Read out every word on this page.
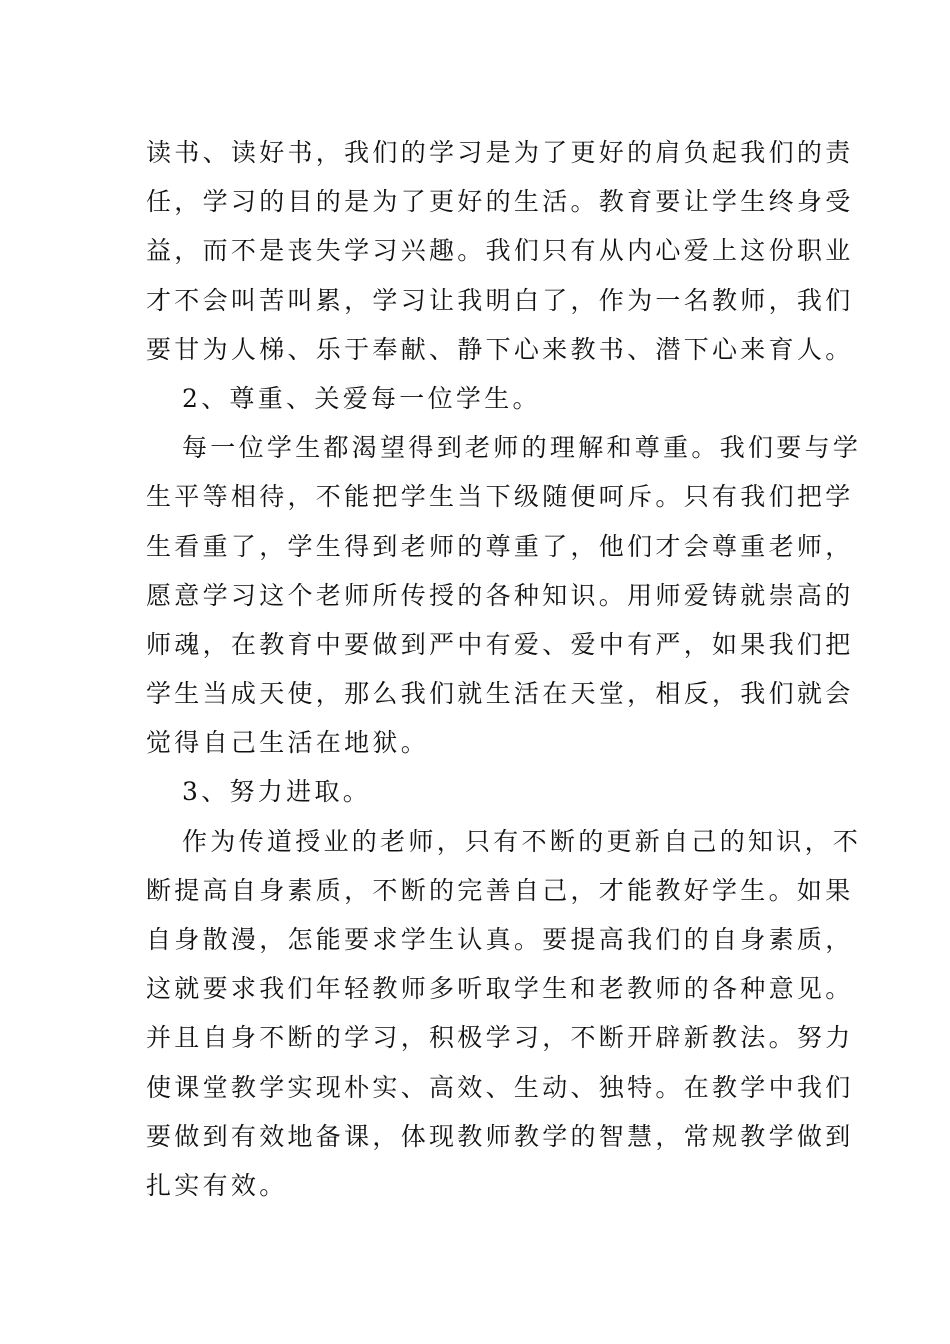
读书、读好书，我们的学习是为了更好的肩负起我们的责
任，学习的目的是为了更好的生活。教育要让学生终身受
益，而不是丧失学习兴趣。我们只有从内心爱上这份职业
才不会叫苦叫累，学习让我明白了，作为一名教师，我们
要甘为人梯、乐于奉献、静下心来教书、潜下心来育人。
2、尊重、关爱每一位学生。
每一位学生都渴望得到老师的理解和尊重。我们要与学
生平等相待，不能把学生当下级随便呵斥。只有我们把学
生看重了，学生得到老师的尊重了，他们才会尊重老师，
愿意学习这个老师所传授的各种知识。用师爱铸就崇高的
师魂，在教育中要做到严中有爱、爱中有严，如果我们把
学生当成天使，那么我们就生活在天堂，相反，我们就会
觉得自己生活在地狱。
3、努力进取。
作为传道授业的老师，只有不断的更新自己的知识，不
断提高自身素质，不断的完善自己，才能教好学生。如果
自身散漫，怎能要求学生认真。要提高我们的自身素质，
这就要求我们年轻教师多听取学生和老教师的各种意见。
并且自身不断的学习，积极学习，不断开辟新教法。努力
使课堂教学实现朴实、高效、生动、独特。在教学中我们
要做到有效地备课，体现教师教学的智慧，常规教学做到
扎实有效。
